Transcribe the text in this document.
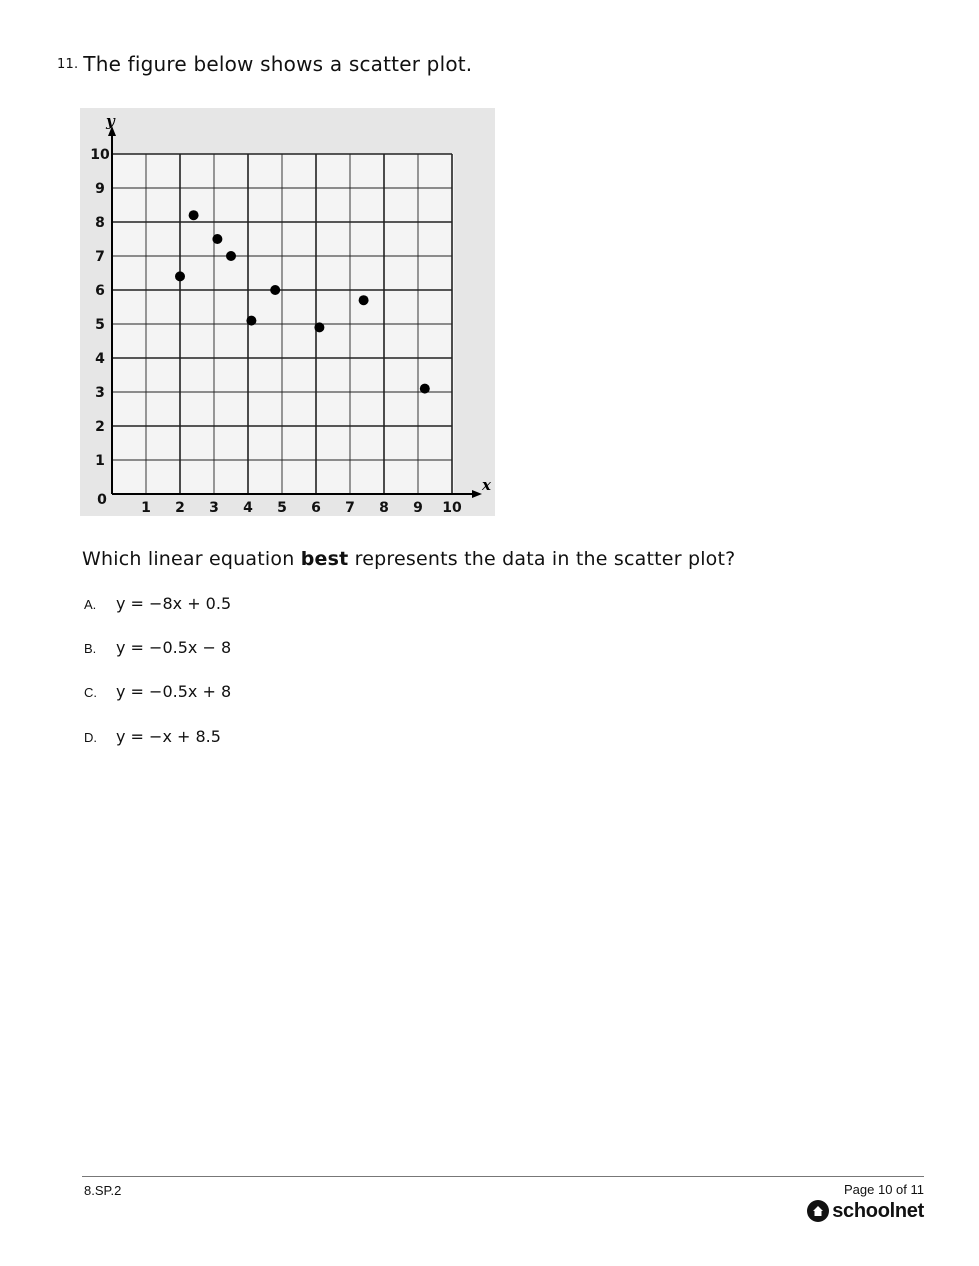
11. The figure below shows a scatter plot.
x
y
1 2 3 4 5 6 7 8 9 10
1
2
3
4
5
6
7
8
9
10
0
Which linear equation best represents the data in the scatter plot?
A. y = −8x + 0.5
B. y = −0.5x − 8
C. y = −0.5x + 8
D. y = −x + 8.5
8.SP.2	Page 10 of 11
schoolnet
